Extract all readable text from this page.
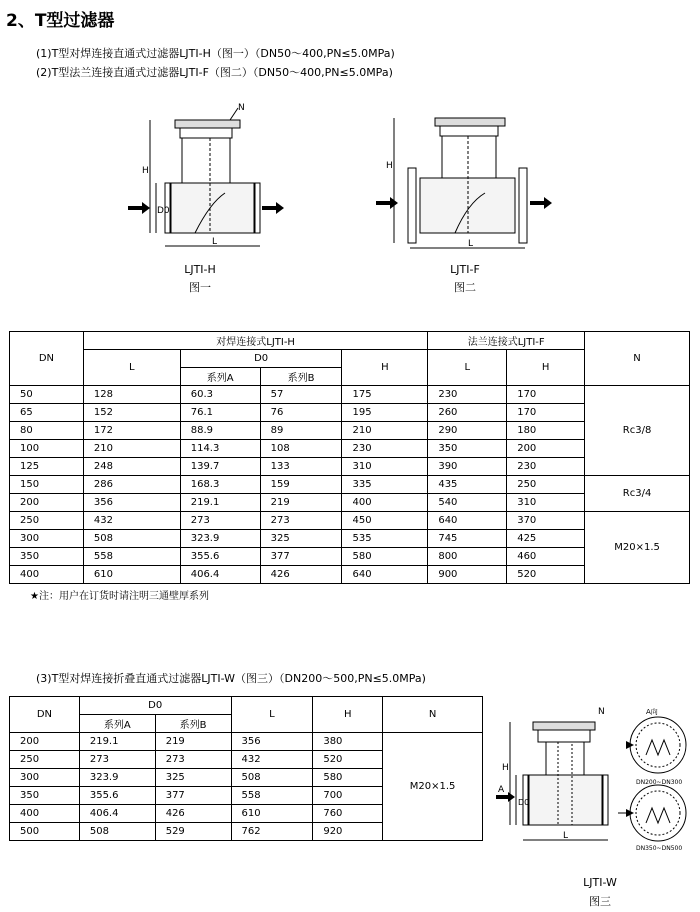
2、T型过滤器
(1)T型对焊连接直通式过滤器LJTⅠ-H（图一）（DN50～400,PN≤5.0MPa)
(2)T型法兰连接直通式过滤器LJTⅠ-F（图二）（DN50～400,PN≤5.0MPa)
N
H
D0
L
LJTⅠ-H
图一
H
L
LJTⅠ-F
图二
DN	对焊连接式LJTⅠ-H				法兰连接式LJTⅠ-F		N
	L	D0		H	L	H	
		系列A	系列B				
50	128	60.3	57	175	230	170	Rc3/8
65	152	76.1	76	195	260	170	
80	172	88.9	89	210	290	180	
100	210	114.3	108	230	350	200	
125	248	139.7	133	310	390	230	
150	286	168.3	159	335	435	250	Rc3/4
200	356	219.1	219	400	540	310	
250	432	273	273	450	640	370	M20×1.5
300	508	323.9	325	535	745	425	
350	558	355.6	377	580	800	460	
400	610	406.4	426	640	900	520	
★注：用户在订货时请注明三通壁厚系列
(3)T型对焊连接折叠直通式过滤器LJTⅠ-W（图三）（DN200～500,PN≤5.0MPa)
DN	D0		L	H	N
	系列A	系列B			
200	219.1	219	356	380	M20×1.5
250	273	273	432	520	
300	323.9	325	508	580	
350	355.6	377	558	700	
400	406.4	426	610	760	
500	508	529	762	920	
N
H
A
D0
L
A向
DN200~DN300
DN350~DN500
LJTⅠ-W
图三
